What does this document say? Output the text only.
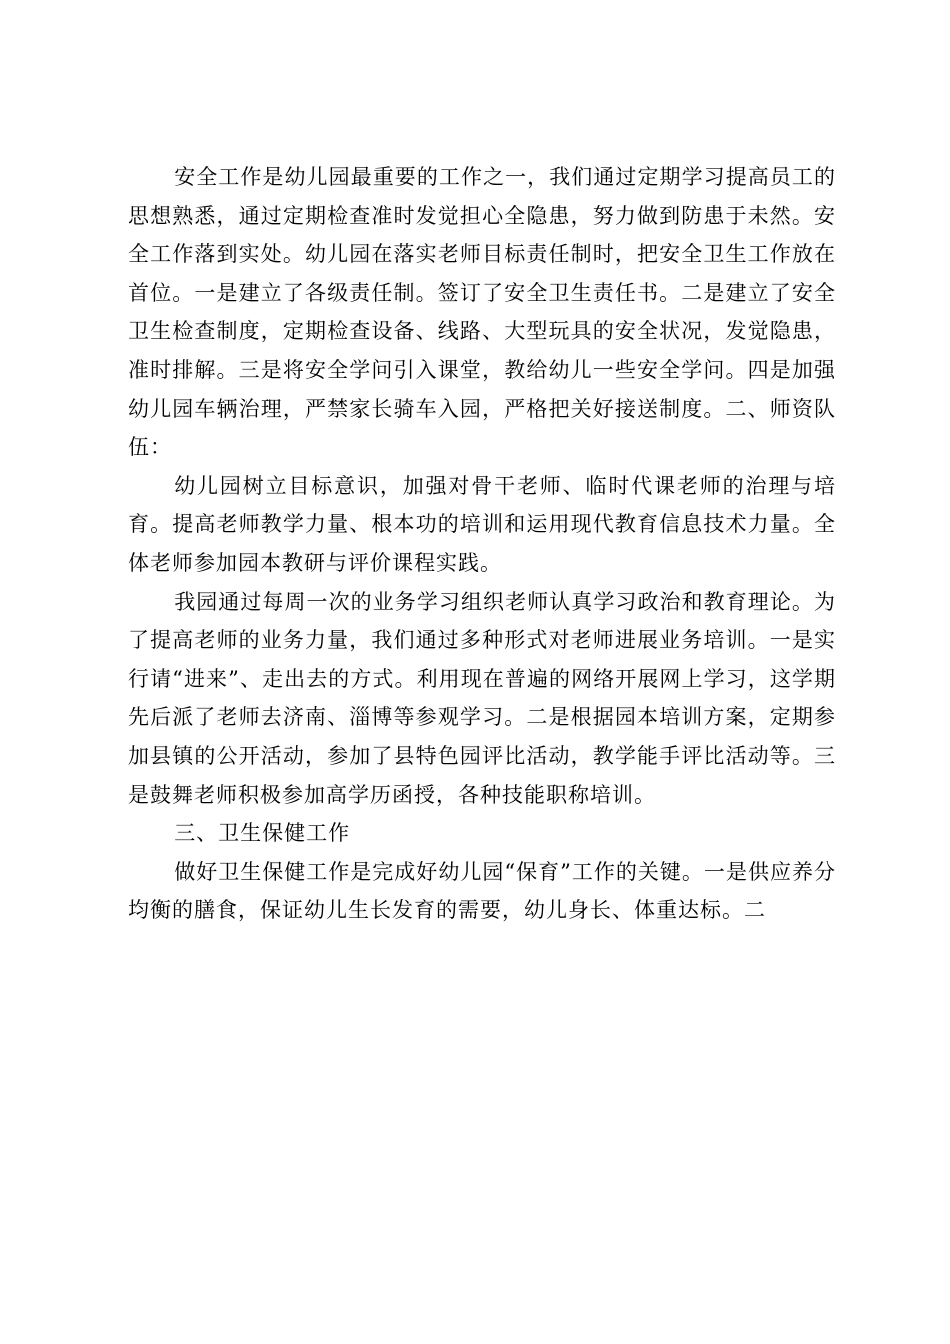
安全工作是幼儿园最重要的工作之一，我们通过定期学习提高员工的思想熟悉，通过定期检查准时发觉担心全隐患，努力做到防患于未然。安全工作落到实处。幼儿园在落实老师目标责任制时，把安全卫生工作放在首位。一是建立了各级责任制。签订了安全卫生责任书。二是建立了安全卫生检查制度，定期检查设备、线路、大型玩具的安全状况，发觉隐患，准时排解。三是将安全学问引入课堂，教给幼儿一些安全学问。四是加强幼儿园车辆治理，严禁家长骑车入园，严格把关好接送制度。二、师资队伍：

幼儿园树立目标意识，加强对骨干老师、临时代课老师的治理与培育。提高老师教学力量、根本功的培训和运用现代教育信息技术力量。全体老师参加园本教研与评价课程实践。

我园通过每周一次的业务学习组织老师认真学习政治和教育理论。为了提高老师的业务力量，我们通过多种形式对老师进展业务培训。一是实行请“进来”、走出去的方式。利用现在普遍的网络开展网上学习，这学期先后派了老师去济南、淄博等参观学习。二是根据园本培训方案，定期参加县镇的公开活动，参加了县特色园评比活动，教学能手评比活动等。三是鼓舞老师积极参加高学历函授，各种技能职称培训。

三、卫生保健工作

做好卫生保健工作是完成好幼儿园“保育”工作的关键。一是供应养分均衡的膳食，保证幼儿生长发育的需要，幼儿身长、体重达标。二
